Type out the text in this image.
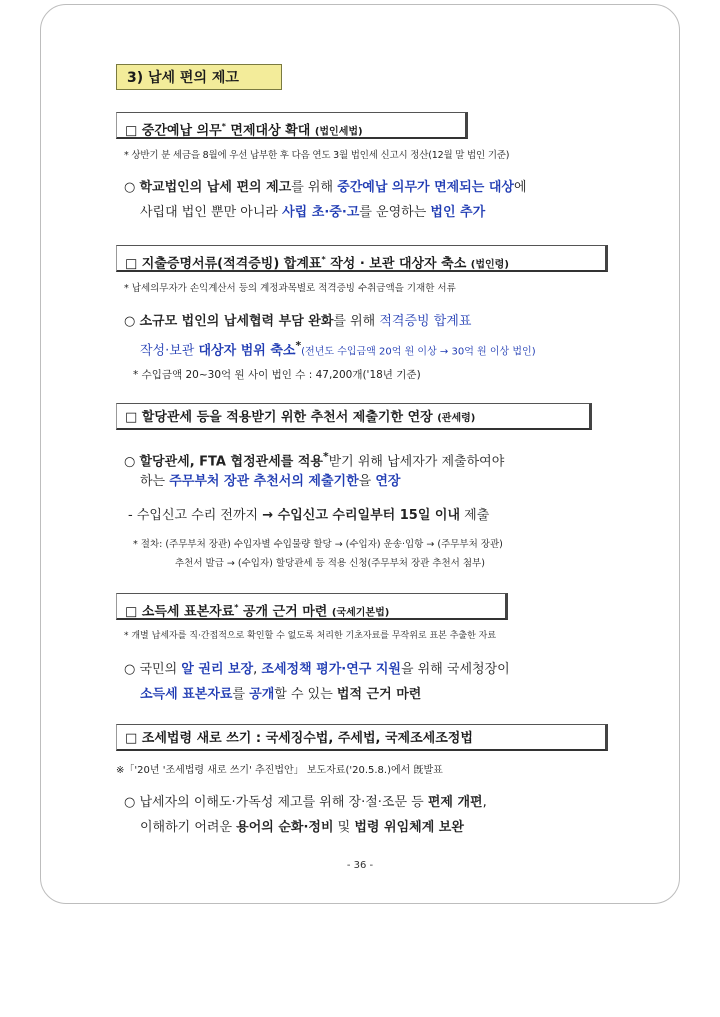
3) 납세 편의 제고
□ 중간예납 의무* 면제대상 확대 (법인세법)
* 상반기 분 세금을 8월에 우선 납부한 후 다음 연도 3월 법인세 신고시 정산(12월 말 법인 기준)
○ 학교법인의 납세 편의 제고를 위해 중간예납 의무가 면제되는 대상에
사립대 법인 뿐만 아니라 사립 초·중·고를 운영하는 법인 추가
□ 지출증명서류(적격증빙) 합계표* 작성 · 보관 대상자 축소 (법인령)
* 납세의무자가 손익계산서 등의 계정과목별로 적격증빙 수취금액을 기재한 서류
○ 소규모 법인의 납세협력 부담 완화를 위해 적격증빙 합계표
작성·보관 대상자 범위 축소*(전년도 수입금액 20억 원 이상 → 30억 원 이상 법인)
* 수입금액 20~30억 원 사이 법인 수 : 47,200개('18년 기준)
□ 할당관세 등을 적용받기 위한 추천서 제출기한 연장 (관세령)
○ 할당관세, FTA 협정관세를 적용*받기 위해 납세자가 제출하여야
하는 주무부처 장관 추천서의 제출기한을 연장
- 수입신고 수리 전까지 → 수입신고 수리일부터 15일 이내 제출
* 절차: (주무부처 장관) 수입자별 수입물량 할당 → (수입자) 운송·입항 → (주무부처 장관)
추천서 발급 → (수입자) 할당관세 등 적용 신청(주무부처 장관 추천서 첨부)
□ 소득세 표본자료* 공개 근거 마련 (국세기본법)
* 개별 납세자를 직·간접적으로 확인할 수 없도록 처리한 기초자료를 무작위로 표본 추출한 자료
○ 국민의 알 권리 보장, 조세정책 평가·연구 지원을 위해 국세청장이
소득세 표본자료를 공개할 수 있는 법적 근거 마련
□ 조세법령 새로 쓰기 : 국세징수법, 주세법, 국제조세조정법
※「'20년 '조세법령 새로 쓰기' 추진법안」 보도자료('20.5.8.)에서 旣발표
○ 납세자의 이해도·가독성 제고를 위해 장·절·조문 등 편제 개편,
이해하기 어려운 용어의 순화·정비 및 법령 위임체계 보완
- 36 -
